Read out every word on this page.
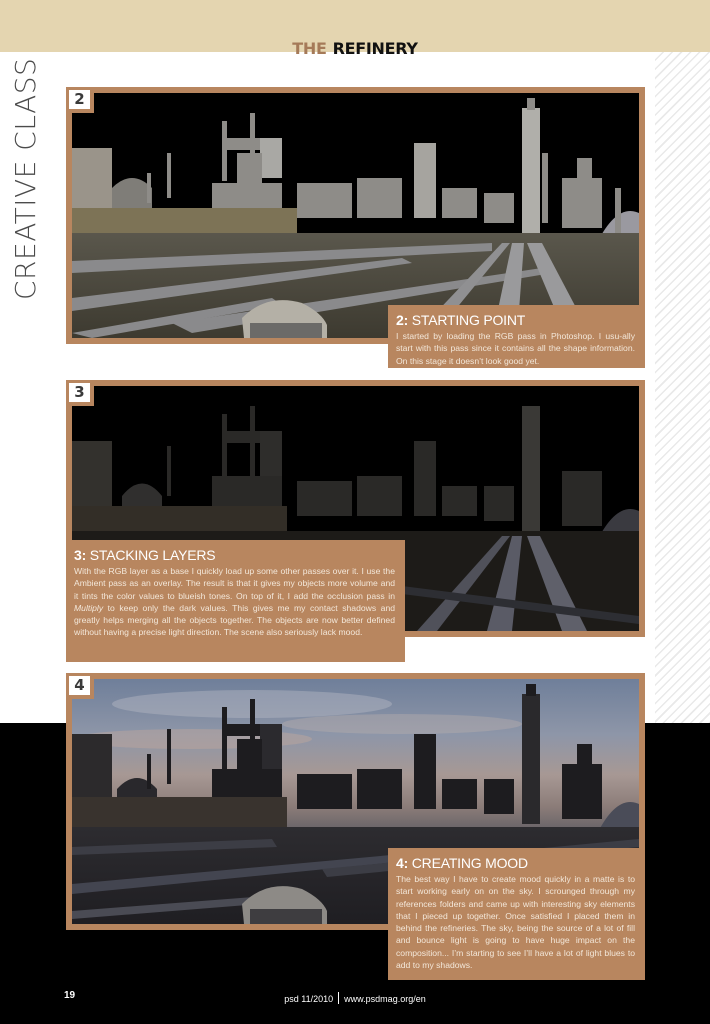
THE REFINERY
CREATIVE CLASS	2
2: STARTING POINT

I started by loading the RGB pass in Photoshop. I usu-ally start with this pass since it contains all the shape information. On this stage it doesn’t look good yet.

3
3: STACKING LAYERS

With the RGB layer as a base I quickly load up some other passes over it. I use the Ambient pass as an overlay. The result is that it gives my objects more volume and it tints the color values to blueish tones. On top of it, I add the occlusion pass in Multiply to keep only the dark values. This gives me my contact shadows and greatly helps merging all the objects together. The objects are now better defined without having a precise light direction. The scene also seriously lack mood.

4
4: CREATING MOOD

The best way I have to create mood quickly in a matte is to start working early on on the sky. I scrounged through my references folders and came up with interesting sky elements that I pieced up together. Once satisfied I placed them in behind the refineries. The sky, being the source of a lot of fill and bounce light is going to have huge impact on the composition... I’m starting to see I’ll have a lot of light blues to add to my shadows.

19	psd 11/2010 www.psdmag.org/en
